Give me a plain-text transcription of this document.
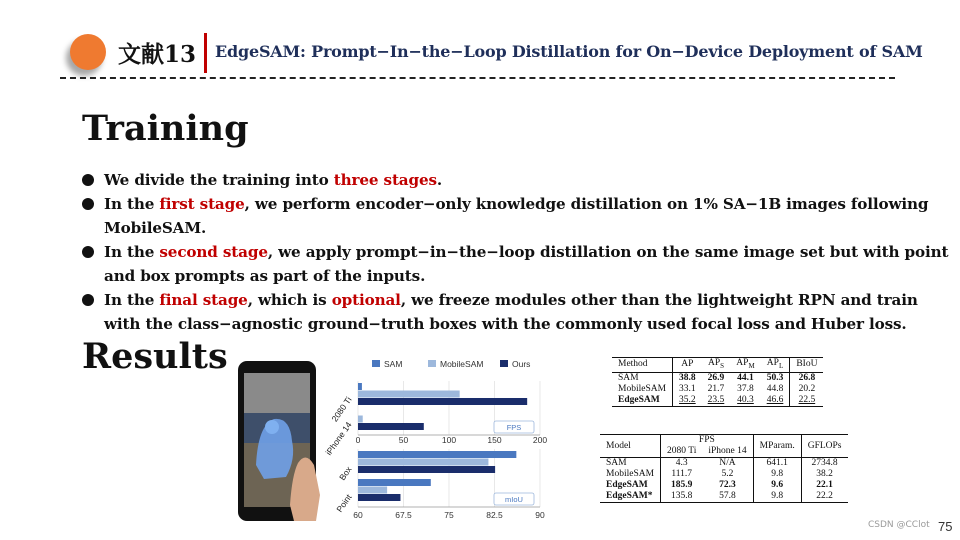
文献13 EdgeSAM: Prompt−In−the−Loop Distillation for On−Device Deployment of SAM
Training
We divide the training into three stages.
In the first stage, we perform encoder−only knowledge distillation on 1% SA−1B images following MobileSAM.
In the second stage, we apply prompt−in−the−loop distillation on the same image set but with point and box prompts as part of the inputs.
In the final stage, which is optional, we freeze modules other than the lightweight RPN and train with the class−agnostic ground−truth boxes with the commonly used focal loss and Huber loss.
Results	SAM	MobileSAM	Ours
0	50	100	150	200
2080 Ti
iPhone 14	FPS
60	67.5	75	82.5	90
Box
Point	mIoU
Method	AP	$AP_S$	$AP_M$	$AP_L$	BIoU
SAM	38.8	26.9	44.1	50.3	26.8
MobileSAM	33.1	21.7	37.8	44.8	20.2
EdgeSAM	35.2	23.5	40.3	46.6	22.5
Model	FPS		MParam.	GFLOPs
	2080 Ti	iPhone 14		
SAM	4.3	N/A	641.1	2734.8
MobileSAM	111.7	5.2	9.8	38.2
EdgeSAM	185.9	72.3	9.6	22.1
EdgeSAM*	135.8	57.8	9.8	22.2
CSDN @CClot 75
